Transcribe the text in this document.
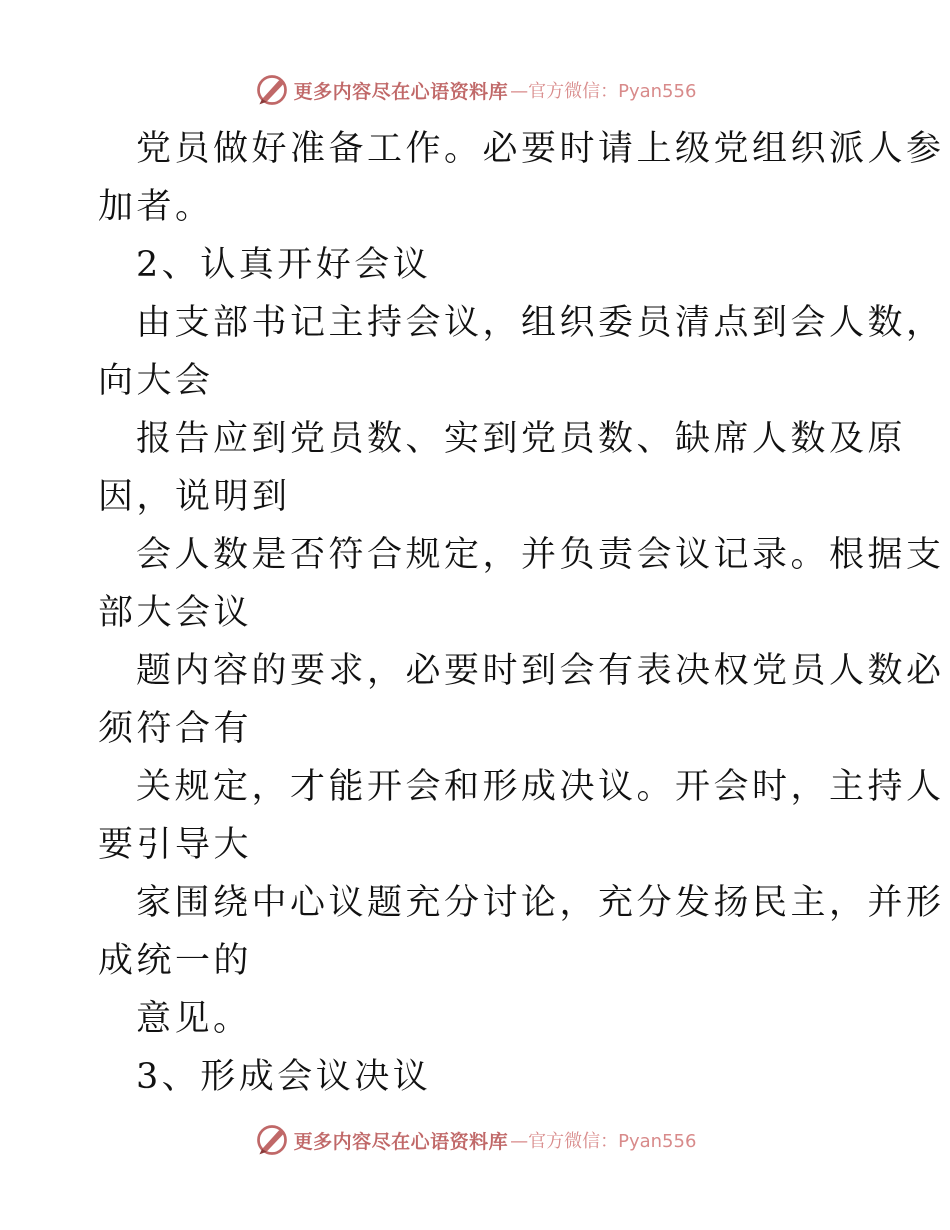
更多内容尽在心语资料库 —官方微信：Pyan556
党员做好准备工作。必要时请上级党组织派人参
加者。
2、认真开好会议
由支部书记主持会议，组织委员清点到会人数，
向大会
报告应到党员数、实到党员数、缺席人数及原
因，说明到
会人数是否符合规定，并负责会议记录。根据支
部大会议
题内容的要求，必要时到会有表决权党员人数必
须符合有
关规定，才能开会和形成决议。开会时，主持人
要引导大
家围绕中心议题充分讨论，充分发扬民主，并形
成统一的
意见。
3、形成会议决议
更多内容尽在心语资料库 —官方微信：Pyan556
